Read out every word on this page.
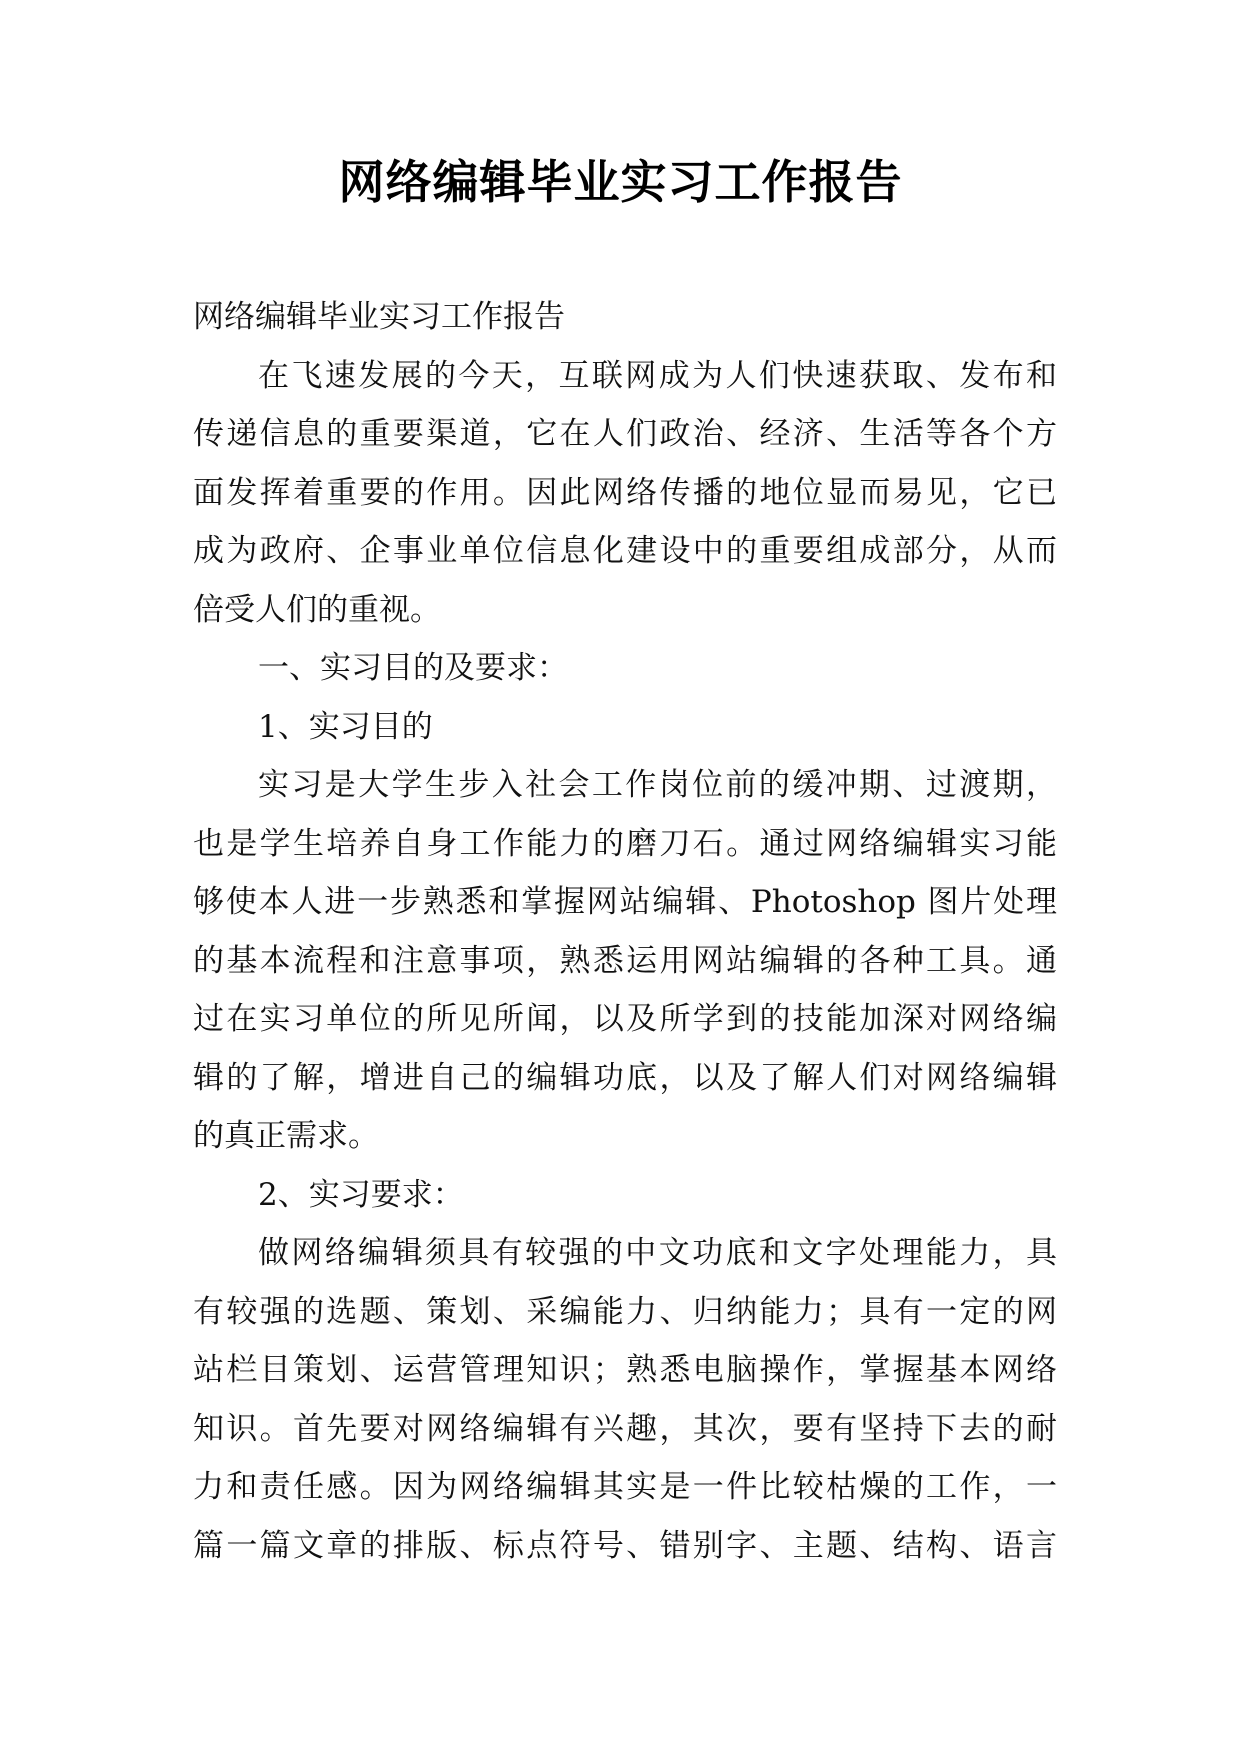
网络编辑毕业实习工作报告
网络编辑毕业实习工作报告
在飞速发展的今天，互联网成为人们快速获取、发布和
传递信息的重要渠道，它在人们政治、经济、生活等各个方
面发挥着重要的作用。因此网络传播的地位显而易见，它已
成为政府、企事业单位信息化建设中的重要组成部分，从而
倍受人们的重视。
一、实习目的及要求：
1、实习目的
实习是大学生步入社会工作岗位前的缓冲期、过渡期，
也是学生培养自身工作能力的磨刀石。通过网络编辑实习能
够使本人进一步熟悉和掌握网站编辑、Photoshop 图片处理
的基本流程和注意事项，熟悉运用网站编辑的各种工具。通
过在实习单位的所见所闻，以及所学到的技能加深对网络编
辑的了解，增进自己的编辑功底，以及了解人们对网络编辑
的真正需求。
2、实习要求：
做网络编辑须具有较强的中文功底和文字处理能力，具
有较强的选题、策划、采编能力、归纳能力；具有一定的网
站栏目策划、运营管理知识；熟悉电脑操作，掌握基本网络
知识。首先要对网络编辑有兴趣，其次，要有坚持下去的耐
力和责任感。因为网络编辑其实是一件比较枯燥的工作，一
篇一篇文章的排版、标点符号、错别字、主题、结构、语言
